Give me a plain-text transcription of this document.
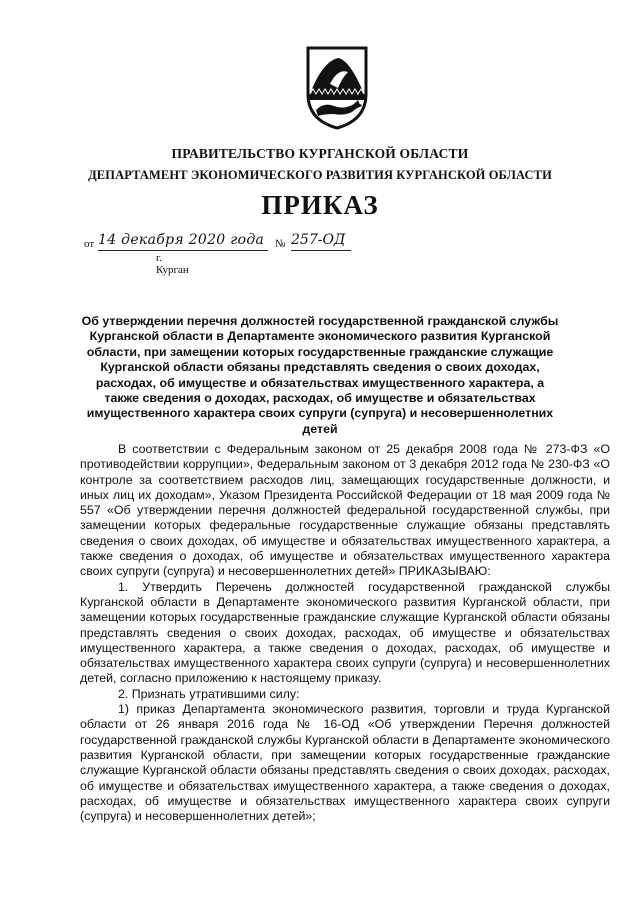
ПРАВИТЕЛЬСТВО КУРГАНСКОЙ ОБЛАСТИ
ДЕПАРТАМЕНТ ЭКОНОМИЧЕСКОГО РАЗВИТИЯ КУРГАНСКОЙ ОБЛАСТИ
ПРИКАЗ
от 14 декабря 2020 года № 257-ОД
г. Курган
Об утверждении перечня должностей государственной гражданской службы Курганской области в Департаменте экономического развития Курганской области, при замещении которых государственные гражданские служащие Курганской области обязаны представлять сведения о своих доходах, расходах, об имуществе и обязательствах имущественного характера, а также сведения о доходах, расходах, об имуществе и обязательствах имущественного характера своих супруги (супруга) и несовершеннолетних детей

В соответствии с Федеральным законом от 25 декабря 2008 года № 273-ФЗ «О противодействии коррупции», Федеральным законом от 3 декабря 2012 года № 230-ФЗ «О контроле за соответствием расходов лиц, замещающих государственные должности, и иных лиц их доходам», Указом Президента Российской Федерации от 18 мая 2009 года № 557 «Об утверждении перечня должностей федеральной государственной службы, при замещении которых федеральные государственные служащие обязаны представлять сведения о своих доходах, об имуществе и обязательствах имущественного характера, а также сведения о доходах, об имуществе и обязательствах имущественного характера своих супруги (супруга) и несовершеннолетних детей» ПРИКАЗЫВАЮ:

1. Утвердить Перечень должностей государственной гражданской службы Курганской области в Департаменте экономического развития Курганской области, при замещении которых государственные гражданские служащие Курганской области обязаны представлять сведения о своих доходах, расходах, об имуществе и обязательствах имущественного характера, а также сведения о доходах, расходах, об имуществе и обязательствах имущественного характера своих супруги (супруга) и несовершеннолетних детей, согласно приложению к настоящему приказу.

2. Признать утратившими силу:

1) приказ Департамента экономического развития, торговли и труда Курганской области от 26 января 2016 года № 16-ОД «Об утверждении Перечня должностей государственной гражданской службы Курганской области в Департаменте экономического развития Курганской области, при замещении которых государственные гражданские служащие Курганской области обязаны представлять сведения о своих доходах, расходах, об имуществе и обязательствах имущественного характера, а также сведения о доходах, расходах, об имуществе и обязательствах имущественного характера своих супруги (супруга) и несовершеннолетних детей»;
